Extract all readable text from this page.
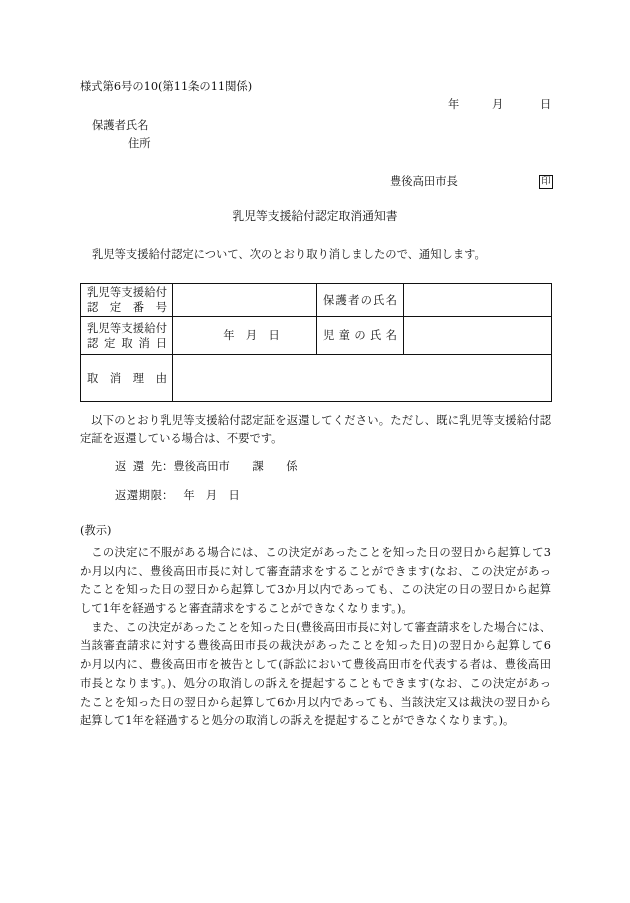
様式第6号の10(第11条の11関係)
年	月	日
保護者氏名
住所
豊後高田市長	印
乳児等支援給付認定取消通知書
乳児等支援給付認定について、次のとおり取り消しましたので、通知します。
乳児等支援給付
認　定　番　号		保護者の氏名	

乳児等支援給付
認 定 取 消 日	年　月　日	児 童 の 氏 名	

取　消　理　由			

以下のとおり乳児等支援給付認定証を返還してください。ただし、既に乳児等支援給付認
定証を返還している場合は、不要です。
返 還 先：豊後高田市　　課　　係
返還期限： 年　月　日
(教示)
この決定に不服がある場合には、この決定があったことを知った日の翌日から起算して3
か月以内に、豊後高田市長に対して審査請求をすることができます(なお、この決定があっ
たことを知った日の翌日から起算して3か月以内であっても、この決定の日の翌日から起算
して1年を経過すると審査請求をすることができなくなります。)。
また、この決定があったことを知った日(豊後高田市長に対して審査請求をした場合には、
当該審査請求に対する豊後高田市長の裁決があったことを知った日)の翌日から起算して6
か月以内に、豊後高田市を被告として(訴訟において豊後高田市を代表する者は、豊後高田
市長となります。)、処分の取消しの訴えを提起することもできます(なお、この決定があっ
たことを知った日の翌日から起算して6か月以内であっても、当該決定又は裁決の翌日から
起算して1年を経過すると処分の取消しの訴えを提起することができなくなります。)。
